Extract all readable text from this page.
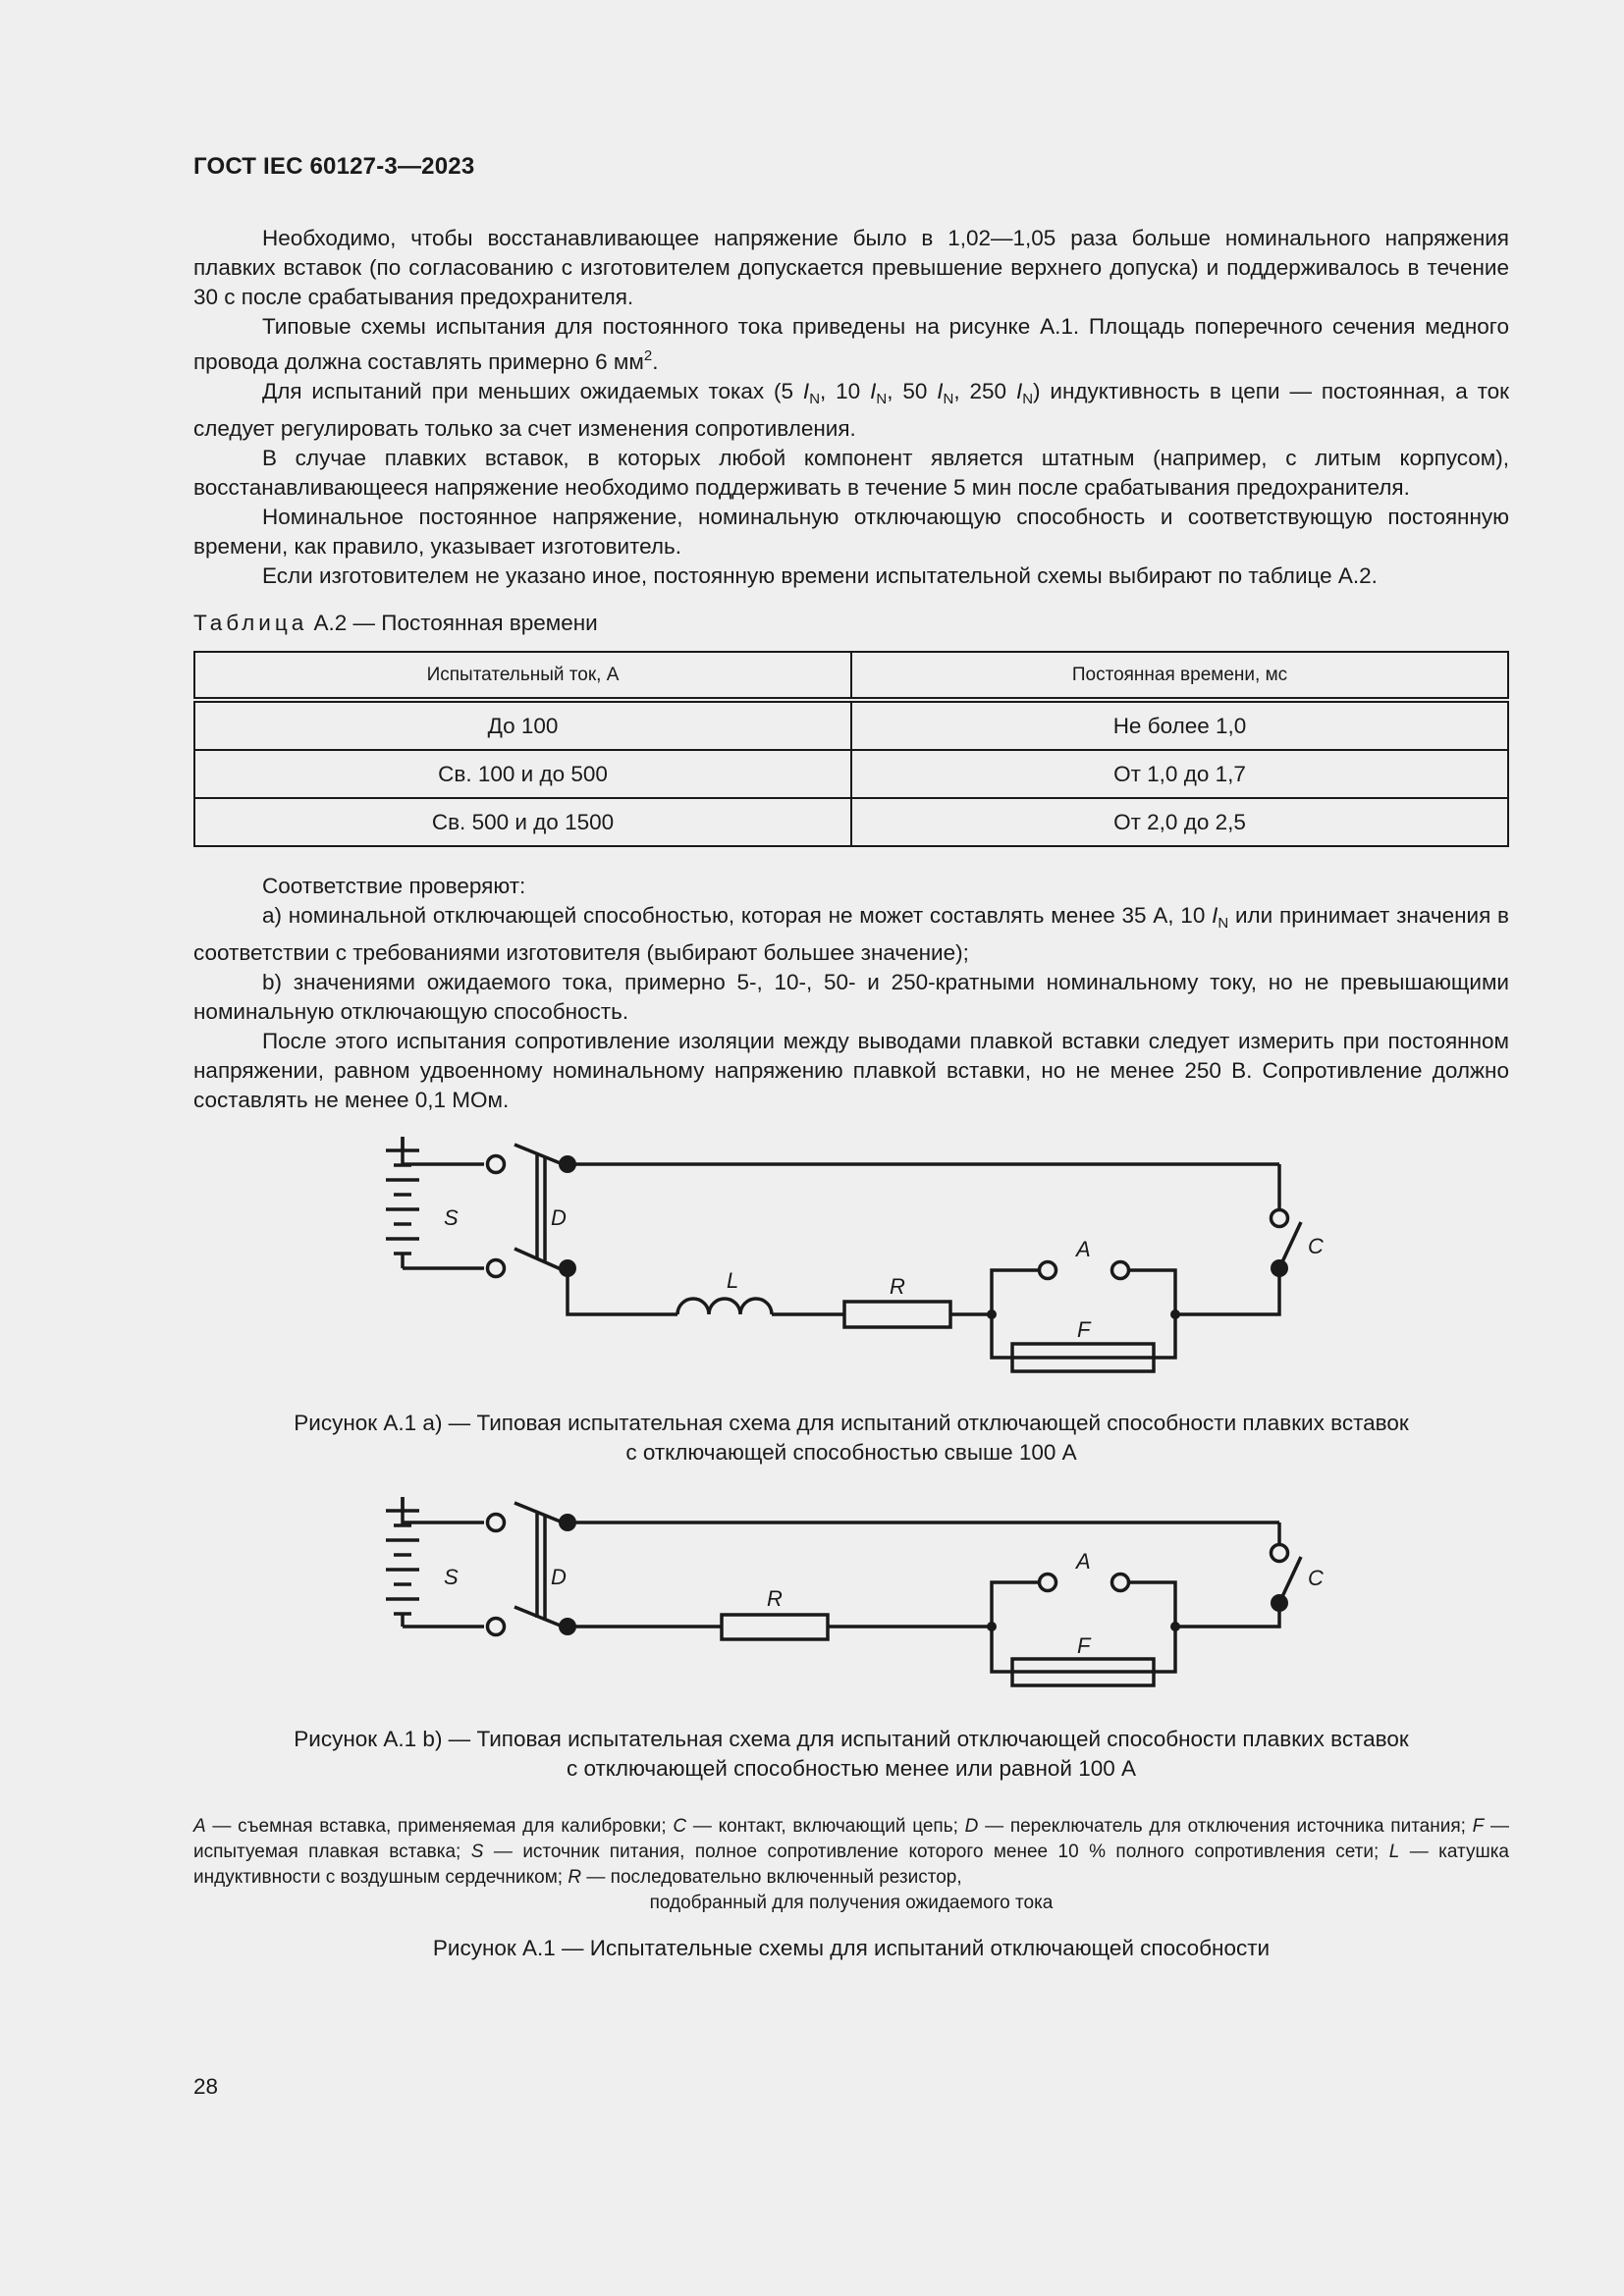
ГОСТ IEC 60127-3—2023

Необходимо, чтобы восстанавливающее напряжение было в 1,02—1,05 раза больше номинального напряжения плавких вставок (по согласованию с изготовителем допускается превышение верхнего допуска) и поддерживалось в течение 30 с после срабатывания предохранителя.

Типовые схемы испытания для постоянного тока приведены на рисунке А.1. Площадь поперечного сечения медного провода должна составлять примерно 6 $мм^2$.

Для испытаний при меньших ожидаемых токах (5 $I_N$, 10 $I_N$, 50 $I_N$, 250 $I_N$) индуктивность в цепи — постоянная, а ток следует регулировать только за счет изменения сопротивления.

В случае плавких вставок, в которых любой компонент является штатным (например, с литым корпусом), восстанавливающееся напряжение необходимо поддерживать в течение 5 мин после срабатывания предохранителя.

Номинальное постоянное напряжение, номинальную отключающую способность и соответствующую постоянную времени, как правило, указывает изготовитель.

Если изготовителем не указано иное, постоянную времени испытательной схемы выбирают по таблице А.2.

Таблица А.2 — Постоянная времени
Испытательный ток, А	Постоянная времени, мс
До 100	Не более 1,0
Св. 100 и до 500	От 1,0 до 1,7
Св. 500 и до 1500	От 2,0 до 2,5

Соответствие проверяют:

a) номинальной отключающей способностью, которая не может составлять менее 35 А, 10 $I_N$ или принимает значения в соответствии с требованиями изготовителя (выбирают большее значение);

b) значениями ожидаемого тока, примерно 5-, 10-, 50- и 250-кратными номинальному току, но не превышающими номинальную отключающую способность.

После этого испытания сопротивление изоляции между выводами плавкой вставки следует измерить при постоянном напряжении, равном удвоенному номинальному напряжению плавкой вставки, но не менее 250 В. Сопротивление должно составлять не менее 0,1 МОм.

S	D
L	R
A
F
C
Рисунок А.1 а) — Типовая испытательная схема для испытаний отключающей способности плавких вставок
с отключающей способностью свыше 100 А
S	D
R
A
F
C
Рисунок А.1 b) — Типовая испытательная схема для испытаний отключающей способности плавких вставок
с отключающей способностью менее или равной 100 А
A — съемная вставка, применяемая для калибровки; C — контакт, включающий цепь; D — переключатель для отключения источника питания; F — испытуемая плавкая вставка; S — источник питания, полное сопротивление которого менее 10 % полного сопротивления сети; L — катушка индуктивности с воздушным сердечником; R — последовательно включенный резистор,
подобранный для получения ожидаемого тока
Рисунок А.1 — Испытательные схемы для испытаний отключающей способности
28
